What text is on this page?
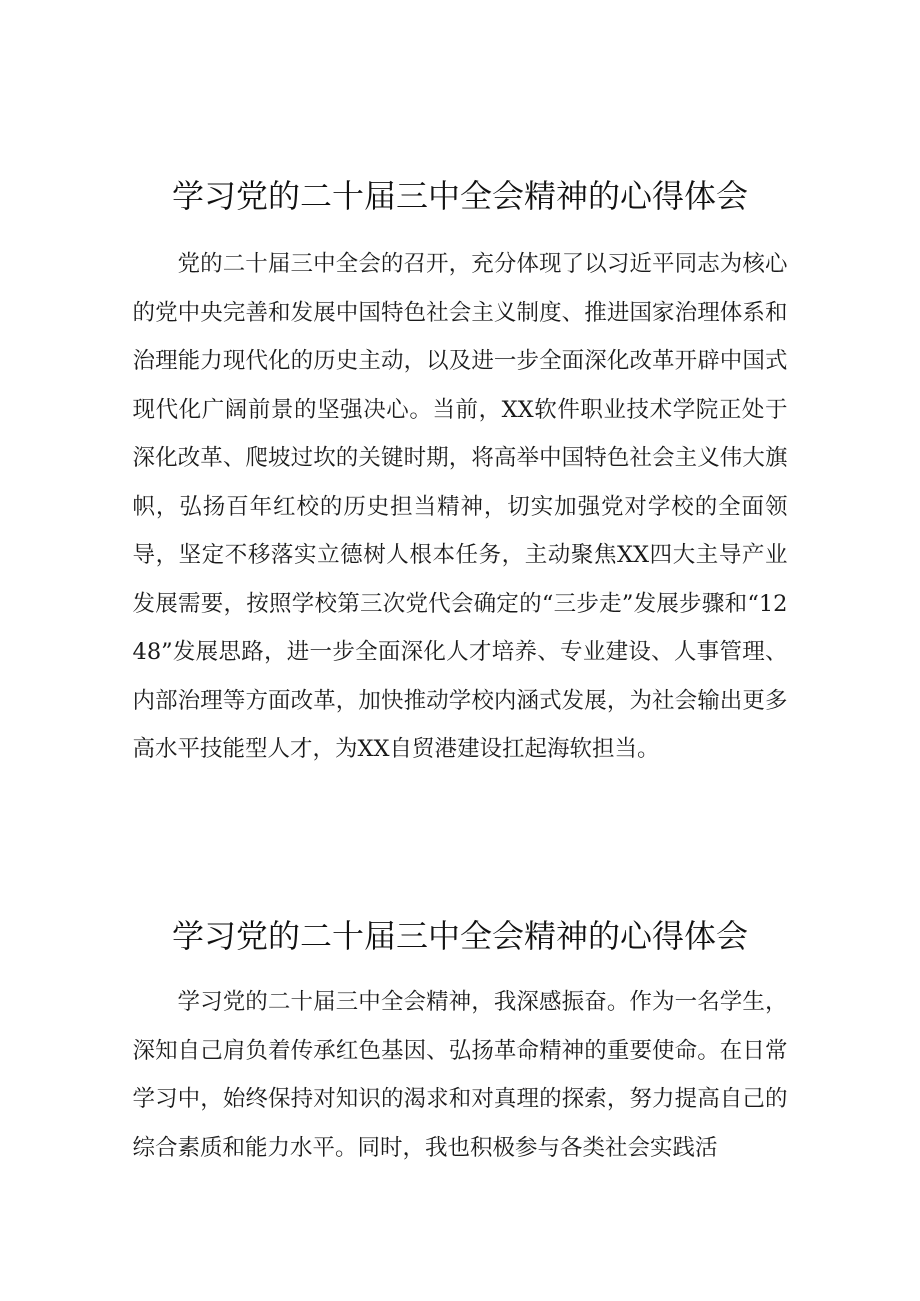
学习党的二十届三中全会精神的心得体会

党的二十届三中全会的召开，充分体现了以习近平同志为核心的党中央完善和发展中国特色社会主义制度、推进国家治理体系和治理能力现代化的历史主动，以及进一步全面深化改革开辟中国式现代化广阔前景的坚强决心。当前，XX软件职业技术学院正处于深化改革、爬坡过坎的关键时期，将高举中国特色社会主义伟大旗帜，弘扬百年红校的历史担当精神，切实加强党对学校的全面领导，坚定不移落实立德树人根本任务，主动聚焦XX四大主导产业发展需要，按照学校第三次党代会确定的“三步走”发展步骤和“1248”发展思路，进一步全面深化人才培养、专业建设、人事管理、内部治理等方面改革，加快推动学校内涵式发展，为社会输出更多高水平技能型人才，为XX自贸港建设扛起海软担当。

学习党的二十届三中全会精神的心得体会

学习党的二十届三中全会精神，我深感振奋。作为一名学生，深知自己肩负着传承红色基因、弘扬革命精神的重要使命。在日常学习中，始终保持对知识的渴求和对真理的探索，努力提高自己的综合素质和能力水平。同时，我也积极参与各类社会实践活
